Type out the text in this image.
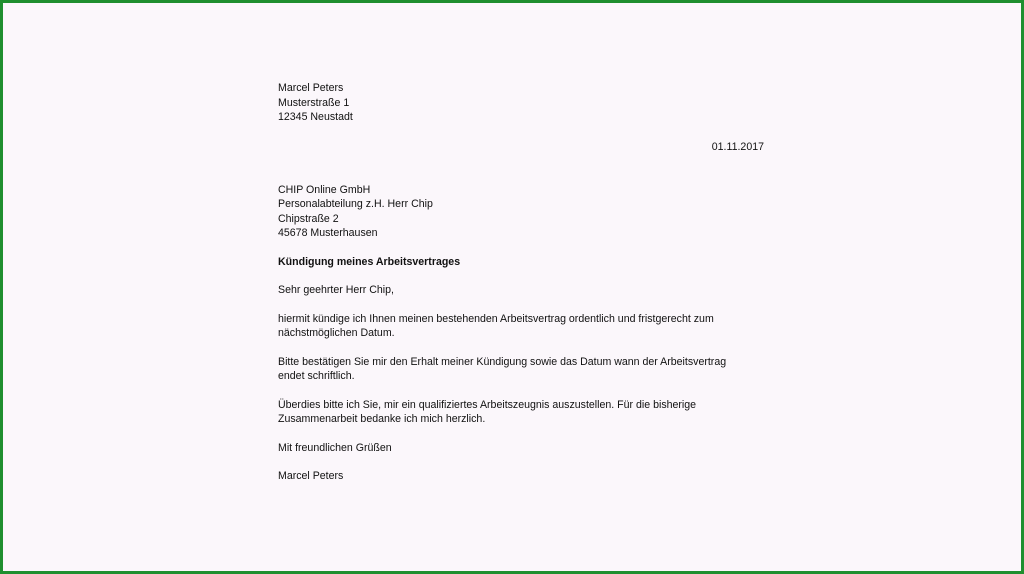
01.11.2017
Marcel Peters
Musterstraße 1
12345 Neustadt
CHIP Online GmbH
Personalabteilung z.H. Herr Chip
Chipstraße 2
45678 Musterhausen
Kündigung meines Arbeitsvertrages
Sehr geehrter Herr Chip,
hiermit kündige ich Ihnen meinen bestehenden Arbeitsvertrag ordentlich und fristgerecht zum
nächstmöglichen Datum.
Bitte bestätigen Sie mir den Erhalt meiner Kündigung sowie das Datum wann der Arbeitsvertrag
endet schriftlich.
Überdies bitte ich Sie, mir ein qualifiziertes Arbeitszeugnis auszustellen. Für die bisherige
Zusammenarbeit bedanke ich mich herzlich.
Mit freundlichen Grüßen
Marcel Peters
